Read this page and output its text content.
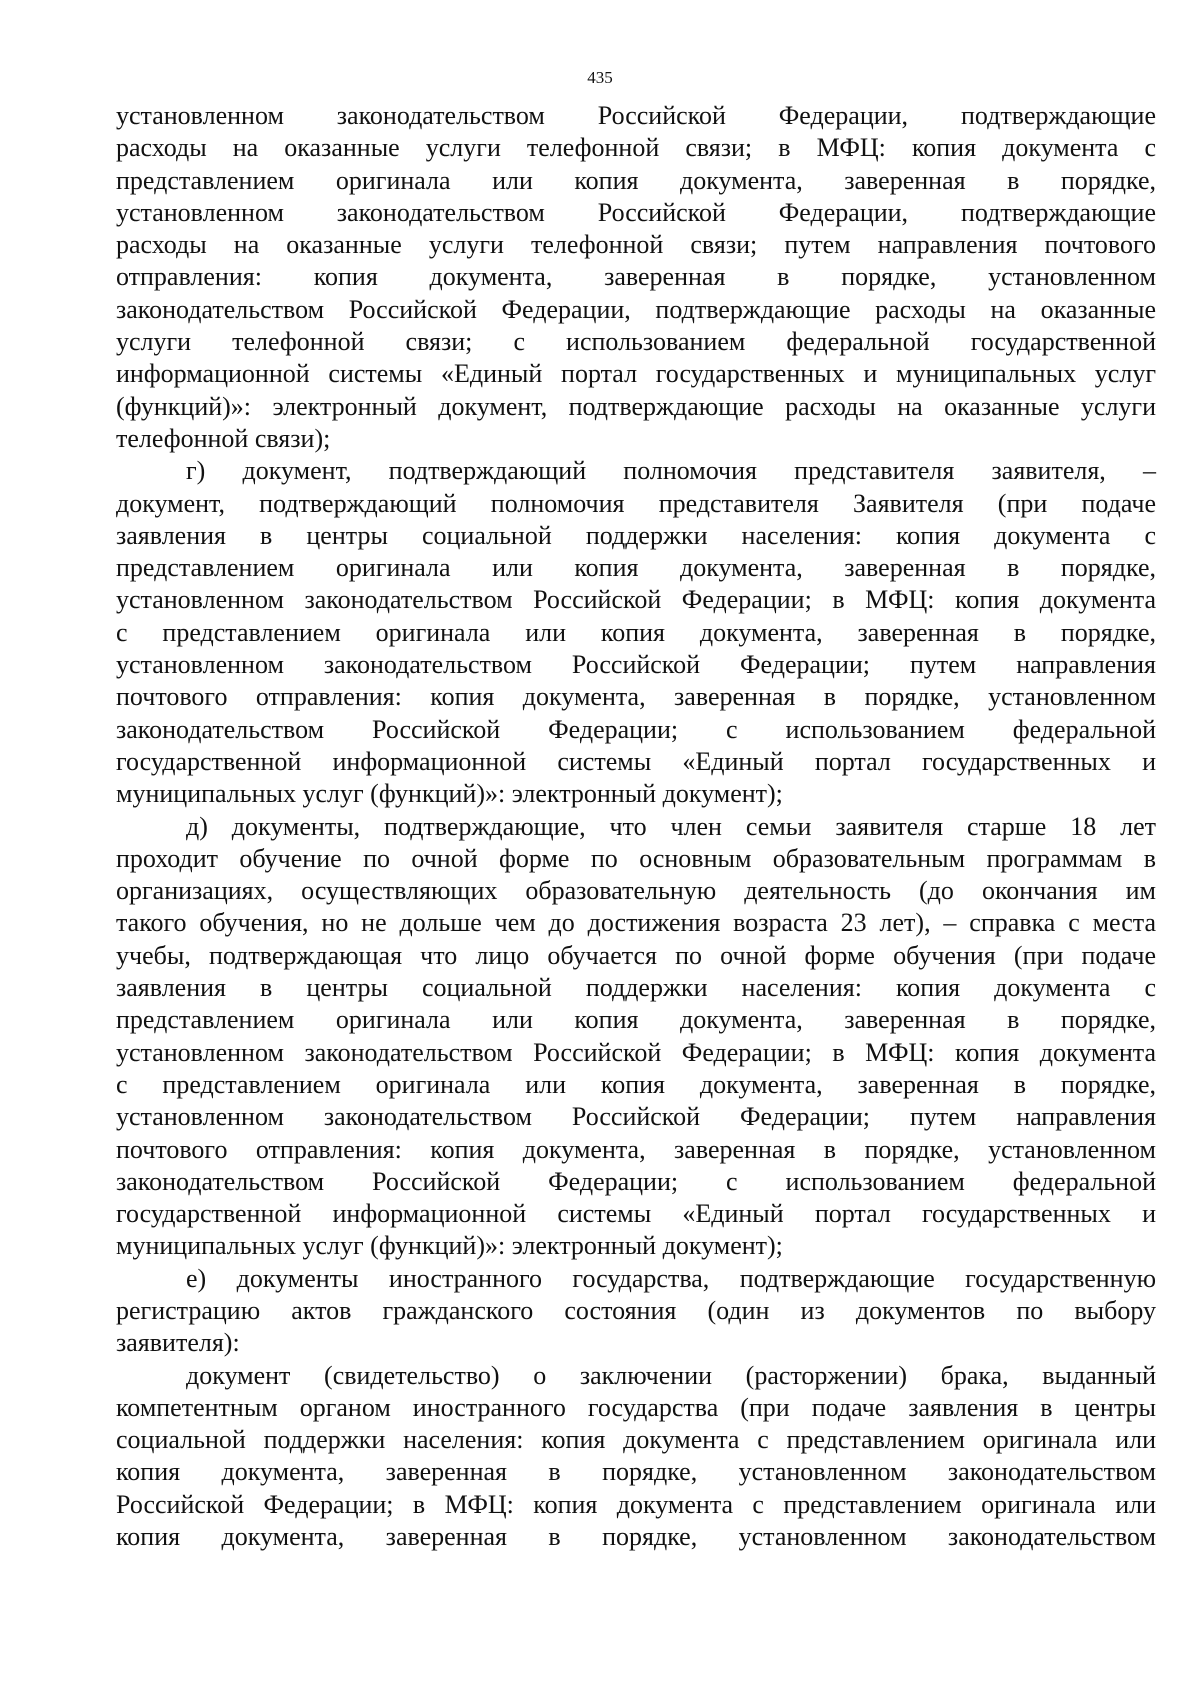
435
установленном законодательством Российской Федерации, подтверждающие
расходы на оказанные услуги телефонной связи; в МФЦ: копия документа с
представлением оригинала или копия документа, заверенная в порядке,
установленном законодательством Российской Федерации, подтверждающие
расходы на оказанные услуги телефонной связи; путем направления почтового
отправления: копия документа, заверенная в порядке, установленном
законодательством Российской Федерации, подтверждающие расходы на оказанные
услуги телефонной связи; с использованием федеральной государственной
информационной системы «Единый портал государственных и муниципальных услуг
(функций)»: электронный документ, подтверждающие расходы на оказанные услуги
телефонной связи);
г) документ, подтверждающий полномочия представителя заявителя, –
документ, подтверждающий полномочия представителя Заявителя (при подаче
заявления в центры социальной поддержки населения: копия документа с
представлением оригинала или копия документа, заверенная в порядке,
установленном законодательством Российской Федерации; в МФЦ: копия документа
с представлением оригинала или копия документа, заверенная в порядке,
установленном законодательством Российской Федерации; путем направления
почтового отправления: копия документа, заверенная в порядке, установленном
законодательством Российской Федерации; с использованием федеральной
государственной информационной системы «Единый портал государственных и
муниципальных услуг (функций)»: электронный документ);
д) документы, подтверждающие, что член семьи заявителя старше 18 лет
проходит обучение по очной форме по основным образовательным программам в
организациях, осуществляющих образовательную деятельность (до окончания им
такого обучения, но не дольше чем до достижения возраста 23 лет), – справка с места
учебы, подтверждающая что лицо обучается по очной форме обучения (при подаче
заявления в центры социальной поддержки населения: копия документа с
представлением оригинала или копия документа, заверенная в порядке,
установленном законодательством Российской Федерации; в МФЦ: копия документа
с представлением оригинала или копия документа, заверенная в порядке,
установленном законодательством Российской Федерации; путем направления
почтового отправления: копия документа, заверенная в порядке, установленном
законодательством Российской Федерации; с использованием федеральной
государственной информационной системы «Единый портал государственных и
муниципальных услуг (функций)»: электронный документ);
е) документы иностранного государства, подтверждающие государственную
регистрацию актов гражданского состояния (один из документов по выбору
заявителя):
документ (свидетельство) о заключении (расторжении) брака, выданный
компетентным органом иностранного государства (при подаче заявления в центры
социальной поддержки населения: копия документа с представлением оригинала или
копия документа, заверенная в порядке, установленном законодательством
Российской Федерации; в МФЦ: копия документа с представлением оригинала или
копия документа, заверенная в порядке, установленном законодательством
